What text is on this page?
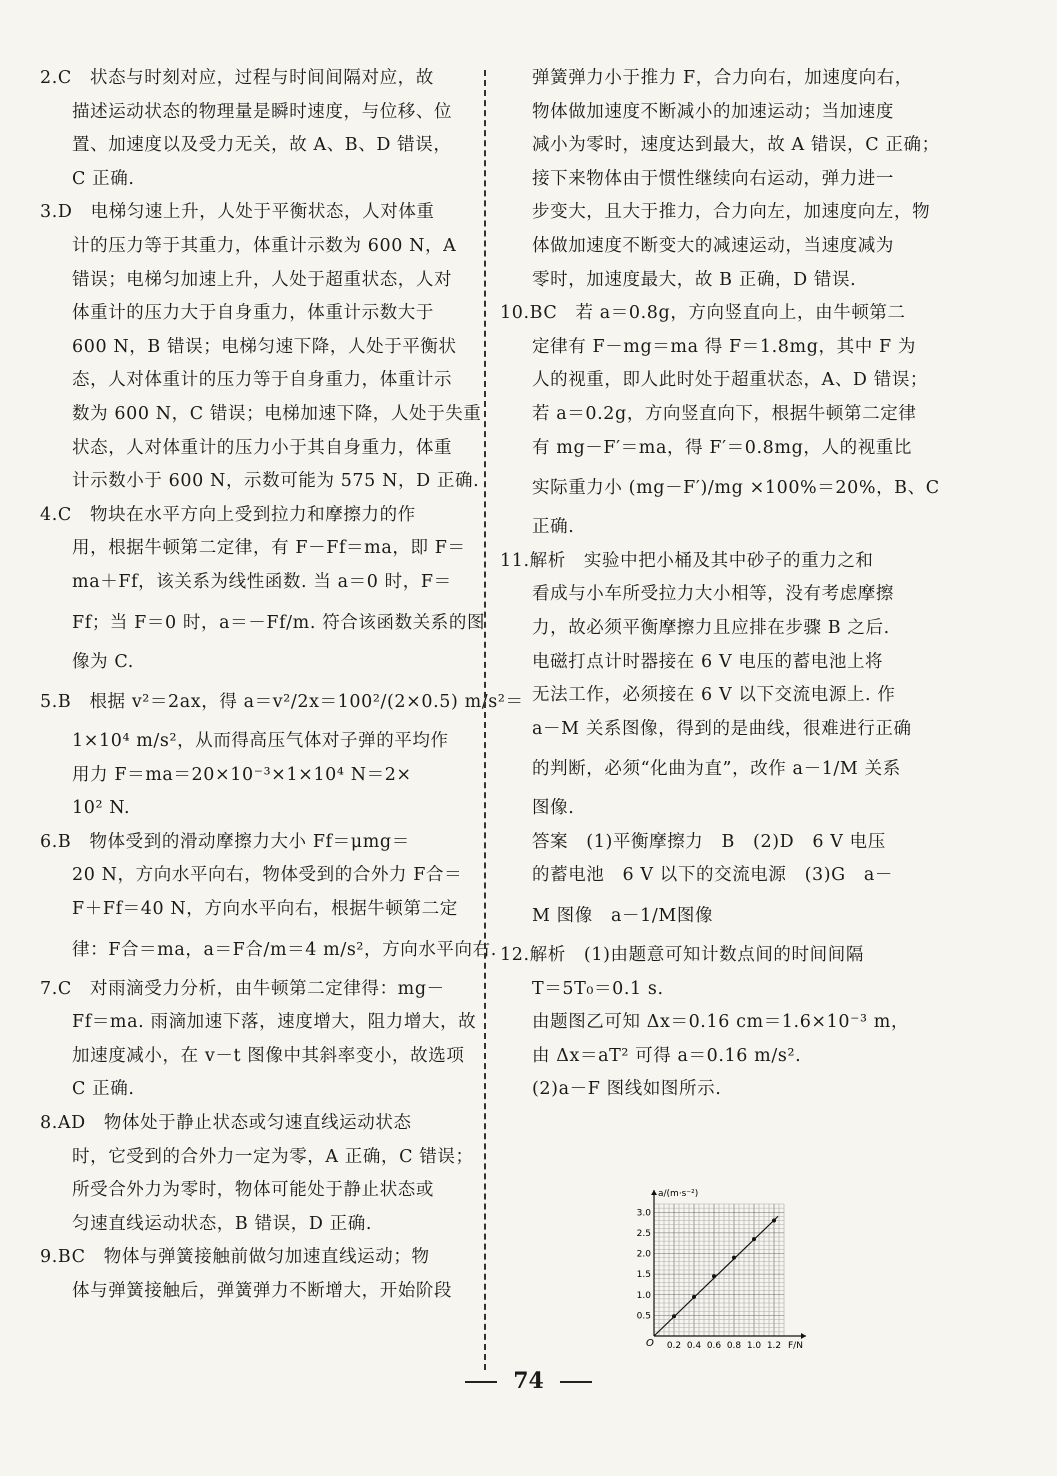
2.C　状态与时刻对应，过程与时间间隔对应，故
描述运动状态的物理量是瞬时速度，与位移、位
置、加速度以及受力无关，故 A、B、D 错误，
C 正确.
3.D　电梯匀速上升，人处于平衡状态，人对体重
计的压力等于其重力，体重计示数为 600 N，A
错误；电梯匀加速上升，人处于超重状态，人对
体重计的压力大于自身重力，体重计示数大于
600 N，B 错误；电梯匀速下降，人处于平衡状
态，人对体重计的压力等于自身重力，体重计示
数为 600 N，C 错误；电梯加速下降，人处于失重
状态，人对体重计的压力小于其自身重力，体重
计示数小于 600 N，示数可能为 575 N，D 正确.
4.C　物块在水平方向上受到拉力和摩擦力的作
用，根据牛顿第二定律，有 F－Ff＝ma，即 F＝
ma＋Ff，该关系为线性函数. 当 a＝0 时，F＝
Ff；当 F＝0 时，a＝－Ff/m. 符合该函数关系的图
像为 C.
5.B　根据 v²＝2ax，得 a＝v²/2x＝100²/(2×0.5) m/s²＝
1×10⁴ m/s²，从而得高压气体对子弹的平均作
用力 F＝ma＝20×10⁻³×1×10⁴ N＝2×
10² N.
6.B　物体受到的滑动摩擦力大小 Ff＝μmg＝
20 N，方向水平向右，物体受到的合外力 F合＝
F＋Ff＝40 N，方向水平向右，根据牛顿第二定
律：F合＝ma，a＝F合/m＝4 m/s²，方向水平向右.
7.C　对雨滴受力分析，由牛顿第二定律得：mg－
Ff＝ma. 雨滴加速下落，速度增大，阻力增大，故
加速度减小，在 v－t 图像中其斜率变小，故选项
C 正确.
8.AD　物体处于静止状态或匀速直线运动状态
时，它受到的合外力一定为零，A 正确，C 错误；
所受合外力为零时，物体可能处于静止状态或
匀速直线运动状态，B 错误，D 正确.
9.BC　物体与弹簧接触前做匀加速直线运动；物
体与弹簧接触后，弹簧弹力不断增大，开始阶段
弹簧弹力小于推力 F，合力向右，加速度向右，
物体做加速度不断减小的加速运动；当加速度
减小为零时，速度达到最大，故 A 错误，C 正确；
接下来物体由于惯性继续向右运动，弹力进一
步变大，且大于推力，合力向左，加速度向左，物
体做加速度不断变大的减速运动，当速度减为
零时，加速度最大，故 B 正确，D 错误.
10.BC　若 a＝0.8g，方向竖直向上，由牛顿第二
定律有 F－mg＝ma 得 F＝1.8mg，其中 F 为
人的视重，即人此时处于超重状态，A、D 错误；
若 a＝0.2g，方向竖直向下，根据牛顿第二定律
有 mg－F′＝ma，得 F′＝0.8mg，人的视重比
实际重力小 (mg－F′)/mg ×100%＝20%，B、C
正确.
11.解析　实验中把小桶及其中砂子的重力之和
看成与小车所受拉力大小相等，没有考虑摩擦
力，故必须平衡摩擦力且应排在步骤 B 之后.
电磁打点计时器接在 6 V 电压的蓄电池上将
无法工作，必须接在 6 V 以下交流电源上. 作
a－M 关系图像，得到的是曲线，很难进行正确
的判断，必须“化曲为直”，改作 a－1/M 关系
图像.
答案　(1)平衡摩擦力　B　(2)D　6 V 电压
的蓄电池　6 V 以下的交流电源　(3)G　a－
M 图像　a－1/M图像
12.解析　(1)由题意可知计数点间的时间间隔
T＝5T₀＝0.1 s.
由题图乙可知 Δx＝0.16 cm＝1.6×10⁻³ m，
由 Δx＝aT² 可得 a＝0.16 m/s².
(2)a－F 图线如图所示.
0.5
1.0
1.5
2.0
2.5
3.0
0.2 0.4 0.6 0.8 1.0 1.2
O
a/(m·s⁻²)
F/N
74
